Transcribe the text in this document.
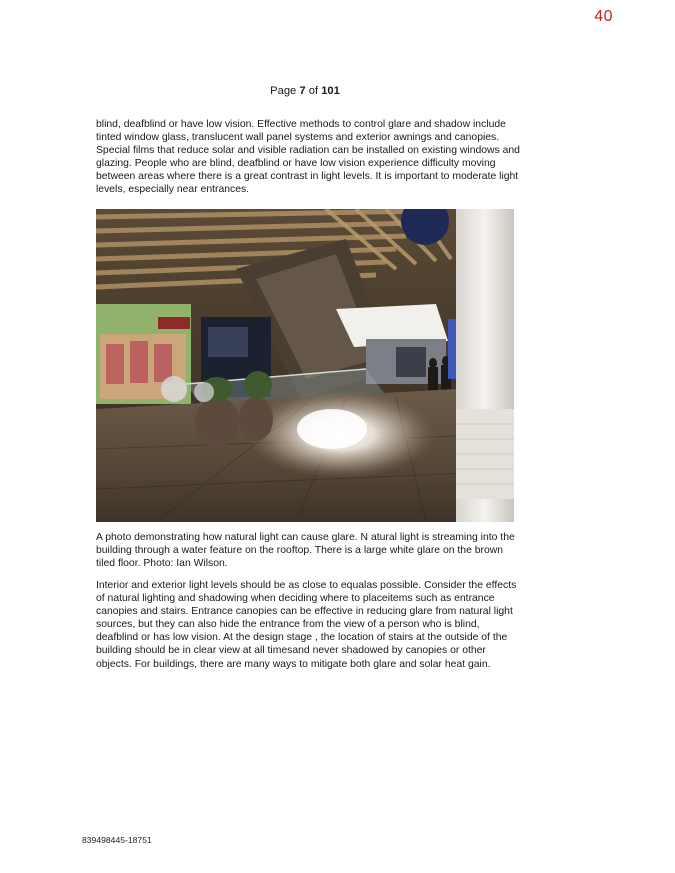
40
Page 7 of 101

blind, deafblind or have low vision. Effective methods to control glare and shadow include tinted window glass, translucent wall panel systems and exterior awnings and canopies. Special films that reduce solar and visible radiation can be installed on existing windows and glazing. People who are blind, deafblind or have low vision experience difficulty moving between areas where there is a great contrast in light levels. It is important to moderate light levels, especially near entrances.

A photo demonstrating how natural light can cause glare. N atural light is streaming into the building through a water feature on the rooftop. There is a large white glare on the brown tiled floor. Photo: Ian Wilson.

Interior and exterior light levels should be as close to equalas possible. Consider the effects of natural lighting and shadowing when deciding where to placeitems such as entrance canopies and stairs. Entrance canopies can be effective in reducing glare from natural light sources, but they can also hide the entrance from the view of a person who is blind, deafblind or has low vision. At the design stage , the location of stairs at the outside of the building should be in clear view at all timesand never shadowed by canopies or other objects. For buildings, there are many ways to mitigate both glare and solar heat gain.

839498445-18751
